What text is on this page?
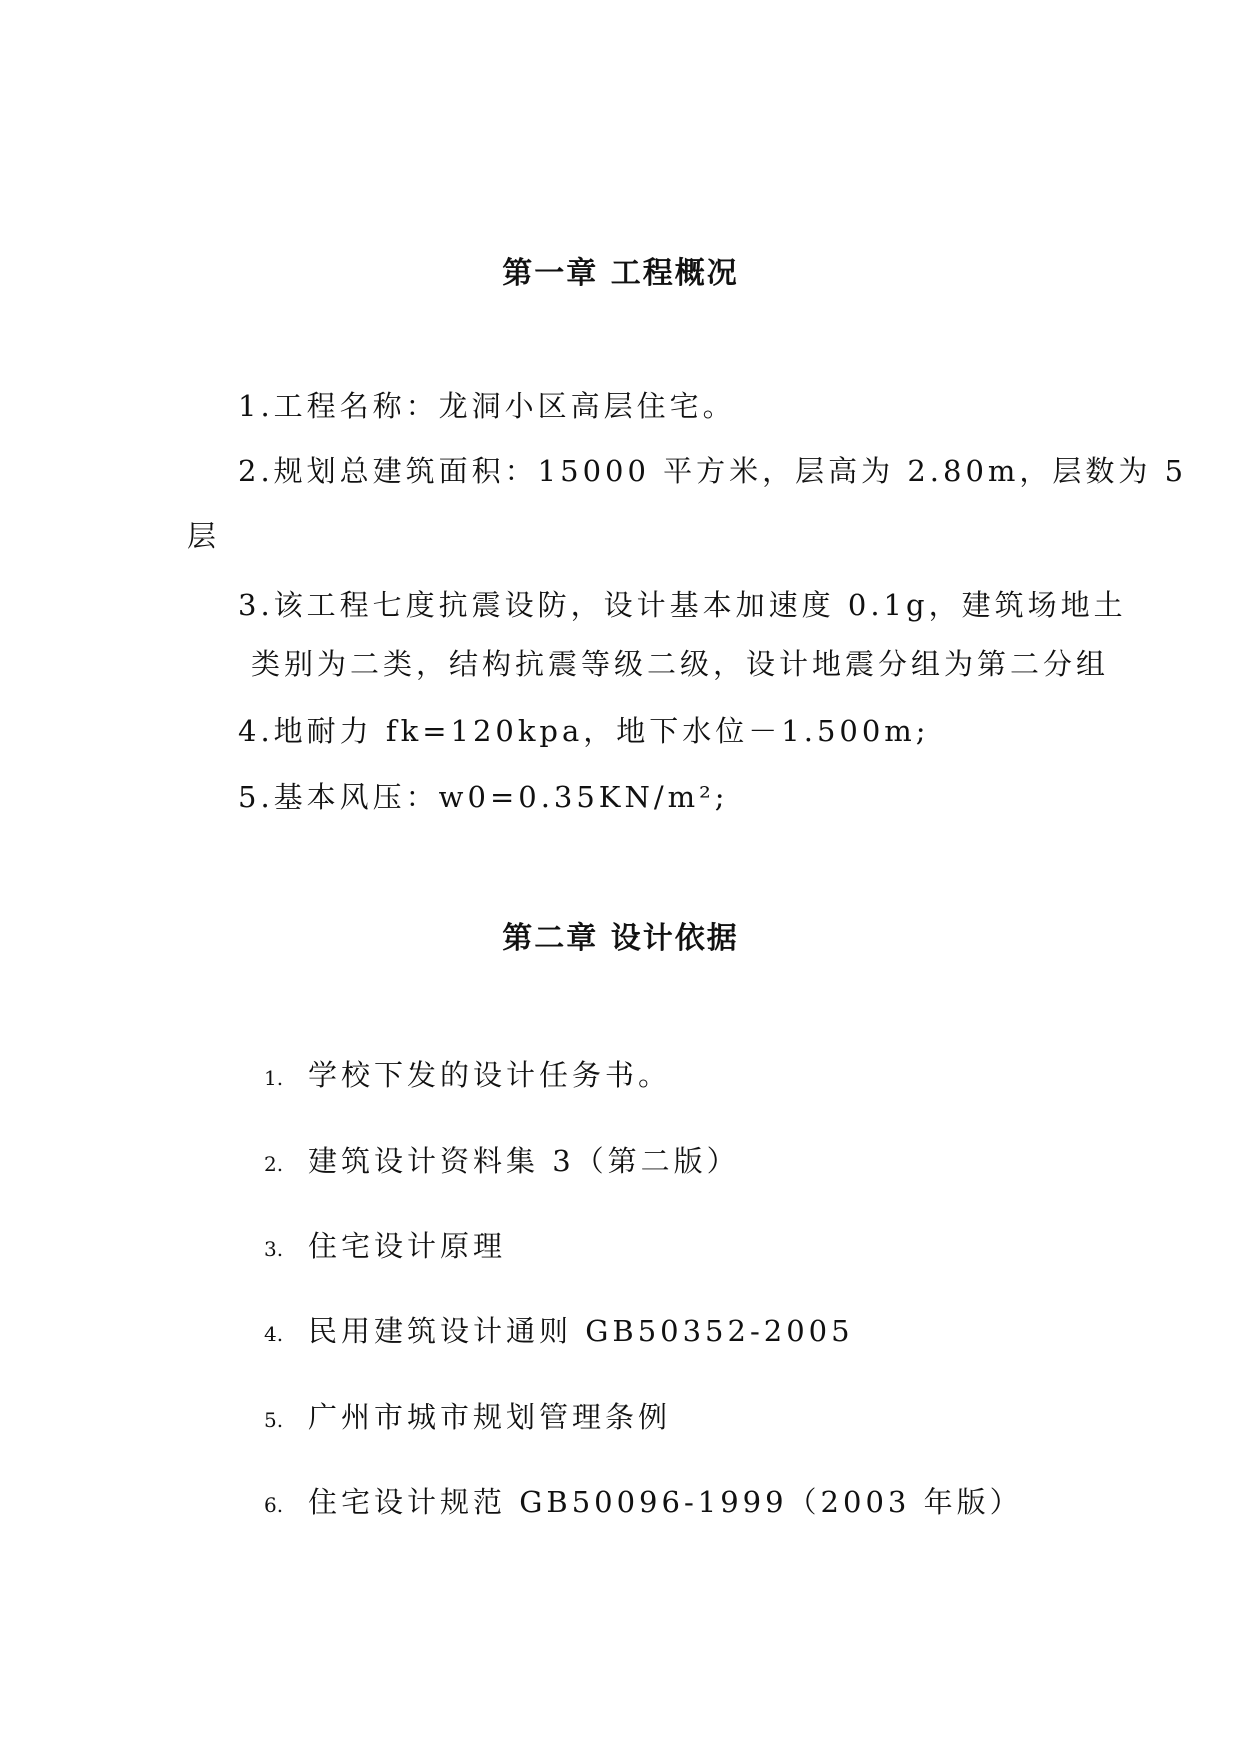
第一章 工程概况

1.工程名称：龙洞小区高层住宅。

2.规划总建筑面积：15000 平方米，层高为 2.80m，层数为 5

层

3.该工程七度抗震设防，设计基本加速度 0.1g，建筑场地土

类别为二类，结构抗震等级二级，设计地震分组为第二分组

4.地耐力 fk=120kpa，地下水位－1.500m;

5.基本风压：w0=0.35KN/m²;

第二章 设计依据

1. 学校下发的设计任务书。

2. 建筑设计资料集 3（第二版）

3. 住宅设计原理

4. 民用建筑设计通则 GB50352-2005

5. 广州市城市规划管理条例

6. 住宅设计规范 GB50096-1999（2003 年版）
